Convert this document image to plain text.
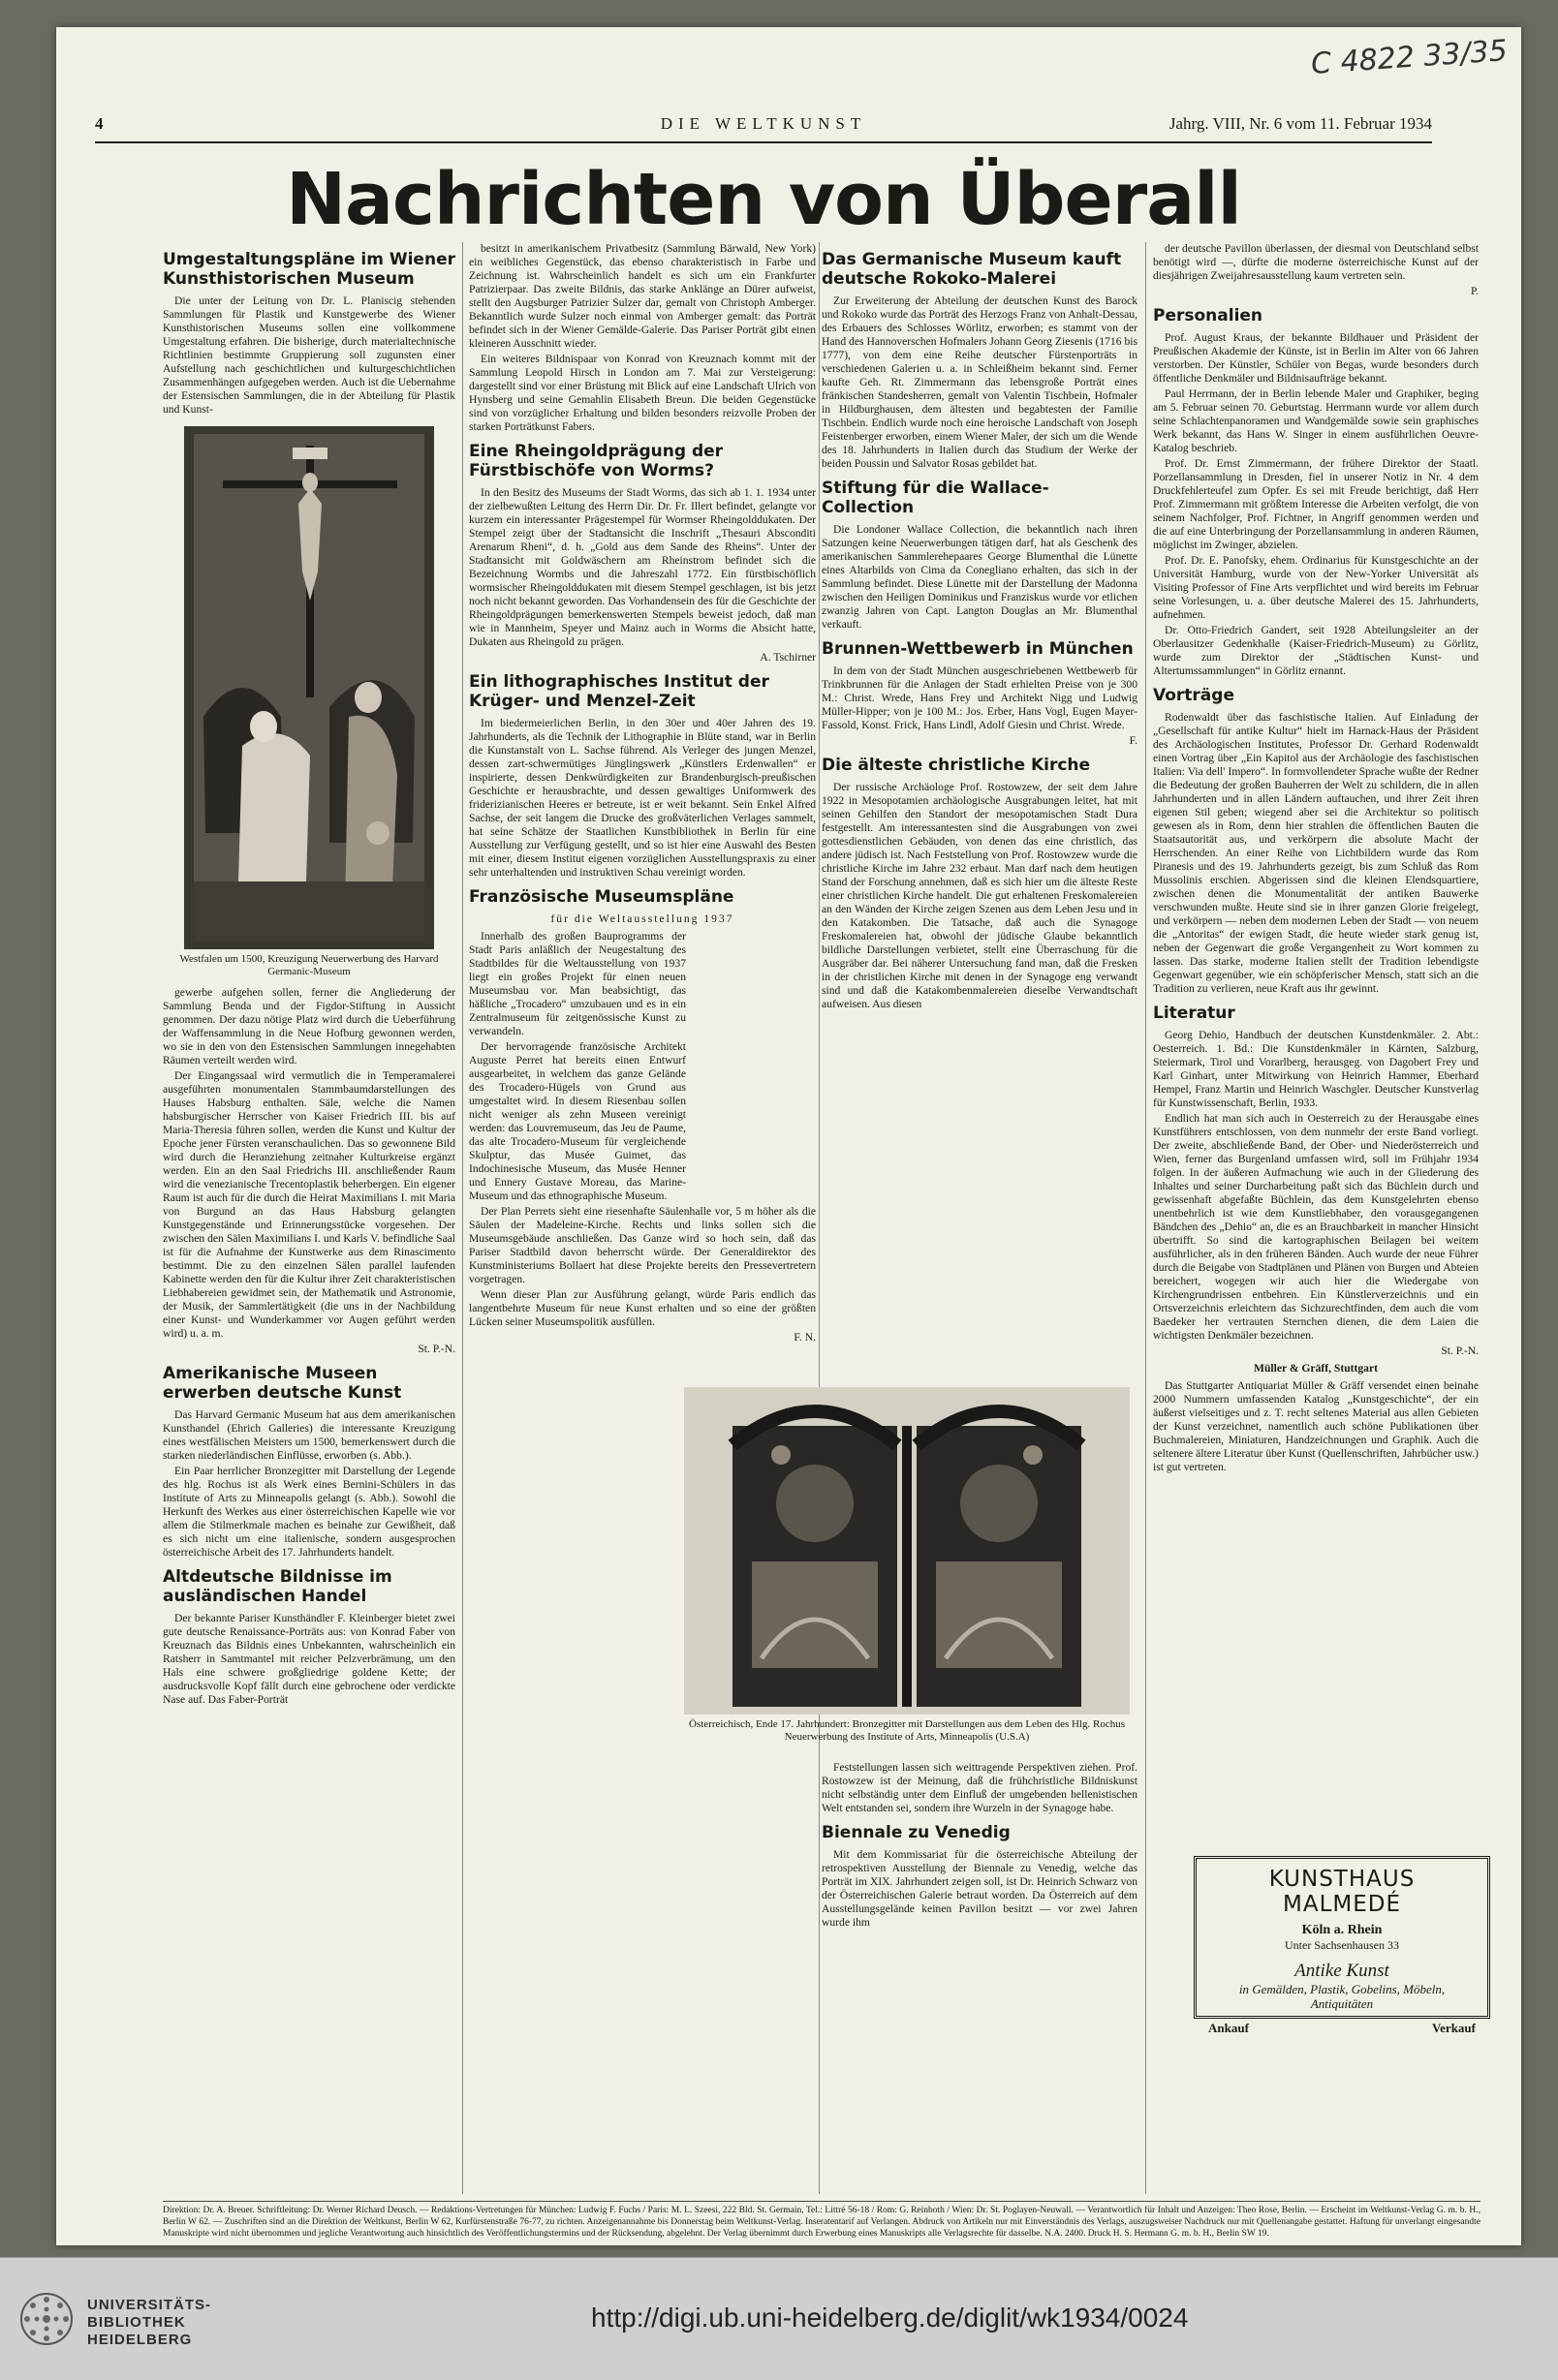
C 4822 33/35
4	DIE WELTKUNST	Jahrg. VIII, Nr. 6 vom 11. Februar 1934
Nachrichten von Überall
Umgestaltungspläne im Wiener Kunsthistorischen Museum

Die unter der Leitung von Dr. L. Planiscig stehenden Sammlungen für Plastik und Kunstgewerbe des Wiener Kunsthistorischen Museums sollen eine vollkommene Umgestaltung erfahren. Die bisherige, durch materialtechnische Richtlinien bestimmte Gruppierung soll zugunsten einer Aufstellung nach geschichtlichen und kulturgeschichtlichen Zusammenhängen aufgegeben werden. Auch ist die Uebernahme der Estensischen Sammlungen, die in der Abteilung für Plastik und Kunst-

Westfalen um 1500, Kreuzigung Neuerwerbung des Harvard Germanic-Museum

gewerbe aufgehen sollen, ferner die Angliederung der Sammlung Benda und der Figdor-Stiftung in Aussicht genommen. Der dazu nötige Platz wird durch die Ueberführung der Waffensammlung in die Neue Hofburg gewonnen werden, wo sie in den von den Estensischen Sammlungen innegehabten Räumen verteilt werden wird.

Der Eingangssaal wird vermutlich die in Temperamalerei ausgeführten monumentalen Stammbaumdarstellungen des Hauses Habsburg enthalten. Säle, welche die Namen habsburgischer Herrscher von Kaiser Friedrich III. bis auf Maria-Theresia führen sollen, werden die Kunst und Kultur der Epoche jener Fürsten veranschaulichen. Das so gewonnene Bild wird durch die Heranziehung zeitnaher Kulturkreise ergänzt werden. Ein an den Saal Friedrichs III. anschließender Raum wird die venezianische Trecentoplastik beherbergen. Ein eigener Raum ist auch für die durch die Heirat Maximilians I. mit Maria von Burgund an das Haus Habsburg gelangten Kunstgegenstände und Erinnerungsstücke vorgesehen. Der zwischen den Sälen Maximilians I. und Karls V. befindliche Saal ist für die Aufnahme der Kunstwerke aus dem Rinascimento bestimmt. Die zu den einzelnen Sälen parallel laufenden Kabinette werden den für die Kultur ihrer Zeit charakteristischen Liebhabereien gewidmet sein, der Mathematik und Astronomie, der Musik, der Sammlertätigkeit (die uns in der Nachbildung einer Kunst- und Wunderkammer vor Augen geführt werden wird) u. a. m.

St. P.-N.
Amerikanische Museen erwerben deutsche Kunst

Das Harvard Germanic Museum hat aus dem amerikanischen Kunsthandel (Ehrich Galleries) die interessante Kreuzigung eines westfälischen Meisters um 1500, bemerkenswert durch die starken niederländischen Einflüsse, erworben (s. Abb.).

Ein Paar herrlicher Bronzegitter mit Darstellung der Legende des hlg. Rochus ist als Werk eines Bernini-Schülers in das Institute of Arts zu Minneapolis gelangt (s. Abb.). Sowohl die Herkunft des Werkes aus einer österreichischen Kapelle wie vor allem die Stilmerkmale machen es beinahe zur Gewißheit, daß es sich nicht um eine italienische, sondern ausgesprochen österreichische Arbeit des 17. Jahrhunderts handelt.

Altdeutsche Bildnisse im ausländischen Handel

Der bekannte Pariser Kunsthändler F. Kleinberger bietet zwei gute deutsche Renaissance-Porträts aus: von Konrad Faber von Kreuznach das Bildnis eines Unbekannten, wahrscheinlich ein Ratsherr in Samtmantel mit reicher Pelzverbrämung, um den Hals eine schwere großgliedrige goldene Kette; der ausdrucksvolle Kopf fällt durch eine gebrochene oder verdickte Nase auf. Das Faber-Porträt

besitzt in amerikanischem Privatbesitz (Sammlung Bärwald, New York) ein weibliches Gegenstück, das ebenso charakteristisch in Farbe und Zeichnung ist. Wahrscheinlich handelt es sich um ein Frankfurter Patrizierpaar. Das zweite Bildnis, das starke Anklänge an Dürer aufweist, stellt den Augsburger Patrizier Sulzer dar, gemalt von Christoph Amberger. Bekanntlich wurde Sulzer noch einmal von Amberger gemalt: das Porträt befindet sich in der Wiener Gemälde-Galerie. Das Pariser Porträt gibt einen kleineren Ausschnitt wieder.

Ein weiteres Bildnispaar von Konrad von Kreuznach kommt mit der Sammlung Leopold Hirsch in London am 7. Mai zur Versteigerung: dargestellt sind vor einer Brüstung mit Blick auf eine Landschaft Ulrich von Hynsberg und seine Gemahlin Elisabeth Breun. Die beiden Gegenstücke sind von vorzüglicher Erhaltung und bilden besonders reizvolle Proben der starken Porträtkunst Fabers.

Eine Rheingoldprägung der Fürstbischöfe von Worms?

In den Besitz des Museums der Stadt Worms, das sich ab 1. 1. 1934 unter der zielbewußten Leitung des Herrn Dir. Dr. Fr. Illert befindet, gelangte vor kurzem ein interessanter Prägestempel für Wormser Rheingolddukaten. Der Stempel zeigt über der Stadtansicht die Inschrift „Thesauri Absconditi Arenarum Rheni“, d. h. „Gold aus dem Sande des Rheins“. Unter der Stadtansicht mit Goldwäschern am Rheinstrom befindet sich die Bezeichnung Wormbs und die Jahreszahl 1772. Ein fürstbischöflich wormsischer Rheingolddukaten mit diesem Stempel geschlagen, ist bis jetzt noch nicht bekannt geworden. Das Vorhandensein des für die Geschichte der Rheingoldprägungen bemerkenswerten Stempels beweist jedoch, daß man wie in Mannheim, Speyer und Mainz auch in Worms die Absicht hatte, Dukaten aus Rheingold zu prägen.

A. Tschirner
Ein lithographisches Institut der Krüger- und Menzel-Zeit

Im biedermeierlichen Berlin, in den 30er und 40er Jahren des 19. Jahrhunderts, als die Technik der Lithographie in Blüte stand, war in Berlin die Kunstanstalt von L. Sachse führend. Als Verleger des jungen Menzel, dessen zart-schwermütiges Jünglingswerk „Künstlers Erdenwallen“ er inspirierte, dessen Denkwürdigkeiten zur Brandenburgisch-preußischen Geschichte er herausbrachte, und dessen gewaltiges Uniformwerk des friderizianischen Heeres er betreute, ist er weit bekannt. Sein Enkel Alfred Sachse, der seit langem die Drucke des großväterlichen Verlages sammelt, hat seine Schätze der Staatlichen Kunstbibliothek in Berlin für eine Ausstellung zur Verfügung gestellt, und so ist hier eine Auswahl des Besten mit einer, diesem Institut eigenen vorzüglichen Ausstellungspraxis zu einer sehr unterhaltenden und instruktiven Schau vereinigt worden.

Französische Museumspläne
für die Weltausstellung 1937

Innerhalb des großen Bauprogramms der Stadt Paris anläßlich der Neugestaltung des Stadtbildes für die Weltausstellung von 1937 liegt ein großes Projekt für einen neuen Museumsbau vor. Man beabsichtigt, das häßliche „Trocadero“ umzubauen und es in ein Zentralmuseum für zeitgenössische Kunst zu verwandeln.

Der hervorragende französische Architekt Auguste Perret hat bereits einen Entwurf ausgearbeitet, in welchem das ganze Gelände des Trocadero-Hügels von Grund aus umgestaltet wird. In diesem Riesenbau sollen nicht weniger als zehn Museen vereinigt werden: das Louvremuseum, das Jeu de Paume, das alte Trocadero-Museum für vergleichende Skulptur, das Musée Guimet, das Indochinesische Museum, das Musée Henner und Ennery Gustave Moreau, das Marine-Museum und das ethnographische Museum.

Der Plan Perrets sieht eine riesenhafte Säulenhalle vor, 5 m höher als die Säulen der Madeleine-Kirche. Rechts und links sollen sich die Museumsgebäude anschließen. Das Ganze wird so hoch sein, daß das Pariser Stadtbild davon beherrscht würde. Der Generaldirektor des Kunstministeriums Bollaert hat diese Projekte bereits den Pressevertretern vorgetragen.

Wenn dieser Plan zur Ausführung gelangt, würde Paris endlich das langentbehrte Museum für neue Kunst erhalten und so eine der größten Lücken seiner Museumspolitik ausfüllen.

F. N.
Das Germanische Museum kauft deutsche Rokoko-Malerei

Zur Erweiterung der Abteilung der deutschen Kunst des Barock und Rokoko wurde das Porträt des Herzogs Franz von Anhalt-Dessau, des Erbauers des Schlosses Wörlitz, erworben; es stammt von der Hand des Hannoverschen Hofmalers Johann Georg Ziesenis (1716 bis 1777), von dem eine Reihe deutscher Fürstenporträts in verschiedenen Galerien u. a. in Schleißheim bekannt sind. Ferner kaufte Geh. Rt. Zimmermann das lebensgroße Porträt eines fränkischen Standesherren, gemalt von Valentin Tischbein, Hofmaler in Hildburghausen, dem ältesten und begabtesten der Familie Tischbein. Endlich wurde noch eine heroische Landschaft von Joseph Feistenberger erworben, einem Wiener Maler, der sich um die Wende des 18. Jahrhunderts in Italien durch das Studium der Werke der beiden Poussin und Salvator Rosas gebildet hat.

Stiftung für die Wallace-Collection

Die Londoner Wallace Collection, die bekanntlich nach ihren Satzungen keine Neuerwerbungen tätigen darf, hat als Geschenk des amerikanischen Sammlerehepaares George Blumenthal die Lünette eines Altarbilds von Cima da Conegliano erhalten, das sich in der Sammlung befindet. Diese Lünette mit der Darstellung der Madonna zwischen den Heiligen Dominikus und Franziskus wurde vor etlichen zwanzig Jahren von Capt. Langton Douglas an Mr. Blumenthal verkauft.

Brunnen-Wettbewerb in München

In dem von der Stadt München ausgeschriebenen Wettbewerb für Trinkbrunnen für die Anlagen der Stadt erhielten Preise von je 300 M.: Christ. Wrede, Hans Frey und Architekt Nigg und Ludwig Müller-Hipper; von je 100 M.: Jos. Erber, Hans Vogl, Eugen Mayer-Fassold, Konst. Frick, Hans Lindl, Adolf Giesin und Christ. Wrede.

F.
Die älteste christliche Kirche

Der russische Archäologe Prof. Rostowzew, der seit dem Jahre 1922 in Mesopotamien archäologische Ausgrabungen leitet, hat mit seinen Gehilfen den Standort der mesopotamischen Stadt Dura festgestellt. Am interessantesten sind die Ausgrabungen von zwei gottesdienstlichen Gebäuden, von denen das eine christlich, das andere jüdisch ist. Nach Feststellung von Prof. Rostowzew wurde die christliche Kirche im Jahre 232 erbaut. Man darf nach dem heutigen Stand der Forschung annehmen, daß es sich hier um die älteste Reste einer christlichen Kirche handelt. Die gut erhaltenen Freskomalereien an den Wänden der Kirche zeigen Szenen aus dem Leben Jesu und in den Katakomben. Die Tatsache, daß auch die Synagoge Freskomalereien hat, obwohl der jüdische Glaube bekanntlich bildliche Darstellungen verbietet, stellt eine Überraschung für die Ausgräber dar. Bei näherer Untersuchung fand man, daß die Fresken in der christlichen Kirche mit denen in der Synagoge eng verwandt sind und daß die Katakombenmalereien dieselbe Verwandtschaft aufweisen. Aus diesen

Österreichisch, Ende 17. Jahrhundert: Bronzegitter mit Darstellungen aus dem Leben des Hlg. Rochus Neuerwerbung des Institute of Arts, Minneapolis (U.S.A)

Feststellungen lassen sich weittragende Perspektiven ziehen. Prof. Rostowzew ist der Meinung, daß die frühchristliche Bildniskunst nicht selbständig unter dem Einfluß der umgebenden hellenistischen Welt entstanden sei, sondern ihre Wurzeln in der Synagoge habe.

Biennale zu Venedig

Mit dem Kommissariat für die österreichische Abteilung der retrospektiven Ausstellung der Biennale zu Venedig, welche das Porträt im XIX. Jahrhundert zeigen soll, ist Dr. Heinrich Schwarz von der Österreichischen Galerie betraut worden. Da Österreich auf dem Ausstellungsgelände keinen Pavillon besitzt — vor zwei Jahren wurde ihm

der deutsche Pavillon überlassen, der diesmal von Deutschland selbst benötigt wird —, dürfte die moderne österreichische Kunst auf der diesjährigen Zweijahresausstellung kaum vertreten sein.

P.
Personalien

Prof. August Kraus, der bekannte Bildhauer und Präsident der Preußischen Akademie der Künste, ist in Berlin im Alter von 66 Jahren verstorben. Der Künstler, Schüler von Begas, wurde besonders durch öffentliche Denkmäler und Bildnisaufträge bekannt.

Paul Herrmann, der in Berlin lebende Maler und Graphiker, beging am 5. Februar seinen 70. Geburtstag. Herrmann wurde vor allem durch seine Schlachtenpanoramen und Wandgemälde sowie sein graphisches Werk bekannt, das Hans W. Singer in einem ausführlichen Oeuvre-Katalog beschrieb.

Prof. Dr. Ernst Zimmermann, der frühere Direktor der Staatl. Porzellansammlung in Dresden, fiel in unserer Notiz in Nr. 4 dem Druckfehlerteufel zum Opfer. Es sei mit Freude berichtigt, daß Herr Prof. Zimmermann mit größtem Interesse die Arbeiten verfolgt, die von seinem Nachfolger, Prof. Fichtner, in Angriff genommen werden und die auf eine Unterbringung der Porzellansammlung in anderen Räumen, möglichst im Zwinger, abzielen.

Prof. Dr. E. Panofsky, ehem. Ordinarius für Kunstgeschichte an der Universität Hamburg, wurde von der New-Yorker Universität als Visiting Professor of Fine Arts verpflichtet und wird bereits im Februar seine Vorlesungen, u. a. über deutsche Malerei des 15. Jahrhunderts, aufnehmen.

Dr. Otto-Friedrich Gandert, seit 1928 Abteilungsleiter an der Oberlausitzer Gedenkhalle (Kaiser-Friedrich-Museum) zu Görlitz, wurde zum Direktor der „Städtischen Kunst- und Altertumssammlungen“ in Görlitz ernannt.

Vorträge

Rodenwaldt über das faschistische Italien. Auf Einladung der „Gesellschaft für antike Kultur“ hielt im Harnack-Haus der Präsident des Archäologischen Institutes, Professor Dr. Gerhard Rodenwaldt einen Vortrag über „Ein Kapitol aus der Archäologie des faschistischen Italien: Via dell' Impero“. In formvollendeter Sprache wußte der Redner die Bedeutung der großen Bauherren der Welt zu schildern, die in allen Jahrhunderten und in allen Ländern auftauchen, und ihrer Zeit ihren eigenen Stil geben; wiegend aber sei die Architektur so politisch gewesen als in Rom, denn hier strahlen die öffentlichen Bauten die Staatsautorität aus, und verkörpern die absolute Macht der Herrschenden. An einer Reihe von Lichtbildern wurde das Rom Piranesis und des 19. Jahrhunderts gezeigt, bis zum Schluß das Rom Mussolinis erschien. Abgerissen sind die kleinen Elendsquartiere, zwischen denen die Monumentalität der antiken Bauwerke verschwunden mußte. Heute sind sie in ihrer ganzen Glorie freigelegt, und verkörpern — neben dem modernen Leben der Stadt — von neuem die „Antoritas“ der ewigen Stadt, die heute wieder stark genug ist, neben der Gegenwart die große Vergangenheit zu Wort kommen zu lassen. Das starke, moderne Italien stellt der Tradition lebendigste Gegenwart gegenüber, wie ein schöpferischer Mensch, statt sich an die Tradition zu verlieren, neue Kraft aus ihr gewinnt.

Literatur

Georg Dehio, Handbuch der deutschen Kunstdenkmäler. 2. Abt.: Oesterreich. 1. Bd.: Die Kunstdenkmäler in Kärnten, Salzburg, Steiermark, Tirol und Vorarlberg, herausgeg. von Dagobert Frey und Karl Ginhart, unter Mitwirkung von Heinrich Hammer, Eberhard Hempel, Franz Martin und Heinrich Waschgler. Deutscher Kunstverlag für Kunstwissenschaft, Berlin, 1933.

Endlich hat man sich auch in Oesterreich zu der Herausgabe eines Kunstführers entschlossen, von dem nunmehr der erste Band vorliegt. Der zweite, abschließende Band, der Ober- und Niederösterreich und Wien, ferner das Burgenland umfassen wird, soll im Frühjahr 1934 folgen. In der äußeren Aufmachung wie auch in der Gliederung des Inhaltes und seiner Durcharbeitung paßt sich das Büchlein durch und gewissenhaft abgefaßte Büchlein, das dem Kunstgelehrten ebenso unentbehrlich ist wie dem Kunstliebhaber, den vorausgegangenen Bändchen des „Dehio“ an, die es an Brauchbarkeit in mancher Hinsicht übertrifft. So sind die kartographischen Beilagen bei weitem ausführlicher, als in den früheren Bänden. Auch wurde der neue Führer durch die Beigabe von Stadtplänen und Plänen von Burgen und Abteien bereichert, wogegen wir auch hier die Wiedergabe von Kirchengrundrissen entbehren. Ein Künstlerverzeichnis und ein Ortsverzeichnis erleichtern das Sichzurechtfinden, dem auch die vom Baedeker her vertrauten Sternchen dienen, die dem Laien die wichtigsten Denkmäler bezeichnen.

St. P.-N.
Müller & Gräff, Stuttgart

Das Stuttgarter Antiquariat Müller & Gräff versendet einen beinahe 2000 Nummern umfassenden Katalog „Kunstgeschichte“, der ein äußerst vielseitiges und z. T. recht seltenes Material aus allen Gebieten der Kunst verzeichnet, namentlich auch schöne Publikationen über Buchmalereien, Miniaturen, Handzeichnungen und Graphik. Auch die seltenere ältere Literatur über Kunst (Quellenschriften, Jahrbücher usw.) ist gut vertreten.

KUNSTHAUS MALMEDÉ
Köln a. Rhein
Unter Sachsenhausen 33
Antike Kunst
in Gemälden, Plastik, Gobelins, Möbeln, Antiquitäten
Ankauf	Verkauf
Direktion: Dr. A. Breuer. Schriftleitung: Dr. Werner Richard Deusch. — Redaktions-Vertretungen für München: Ludwig F. Fuchs / Paris: M. L. Szeesi, 222 Bld. St. Germain, Tel.: Littré 56-18 / Rom: G. Reinboth / Wien: Dr. St. Poglayen-Neuwall. — Verantwortlich für Inhalt und Anzeigen: Theo Rose, Berlin. — Erscheint im Weltkunst-Verlag G. m. b. H., Berlin W 62. — Zuschriften sind an die Direktion der Weltkunst, Berlin W 62, Kurfürstenstraße 76-77, zu richten. Anzeigenannahme bis Donnerstag beim Weltkunst-Verlag. Inseratentarif auf Verlangen. Abdruck von Artikeln nur mit Einverständnis des Verlags, auszugsweiser Nachdruck nur mit Quellenangabe gestattet. Haftung für unverlangt eingesandte Manuskripte wird nicht übernommen und jegliche Verantwortung auch hinsichtlich des Veröffentlichungstermins und der Rücksendung, abgelehnt. Der Verlag übernimmt durch Erwerbung eines Manuskripts alle Verlagsrechte für dasselbe. N.A. 2400. Druck H. S. Hermann G. m. b. H., Berlin SW 19.
UNIVERSITÄTS-
BIBLIOTHEK
HEIDELBERG
http://digi.ub.uni-heidelberg.de/diglit/wk1934/0024
